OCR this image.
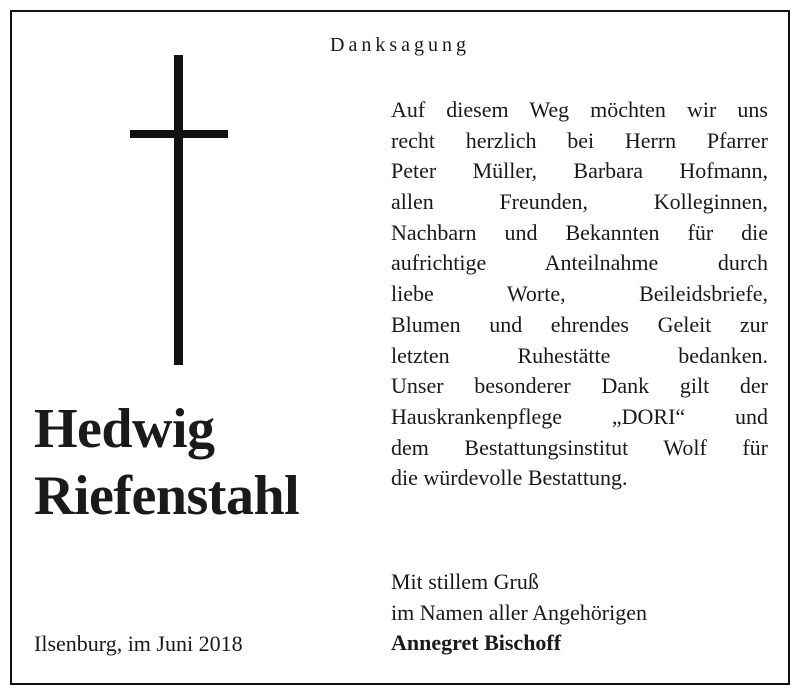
Danksagung
Hedwig
Riefenstahl
Ilsenburg, im Juni 2018
Auf diesem Weg möchten wir uns
recht herzlich bei Herrn Pfarrer
Peter Müller, Barbara Hofmann,
allen Freunden, Kolleginnen,
Nachbarn und Bekannten für die
aufrichtige Anteilnahme durch
liebe Worte, Beileidsbriefe,
Blumen und ehrendes Geleit zur
letzten Ruhestätte bedanken.
Unser besonderer Dank gilt der
Hauskrankenpflege „DORI“ und
dem Bestattungsinstitut Wolf für
die würdevolle Bestattung.
Mit stillem Gruß
im Namen aller Angehörigen
Annegret Bischoff
